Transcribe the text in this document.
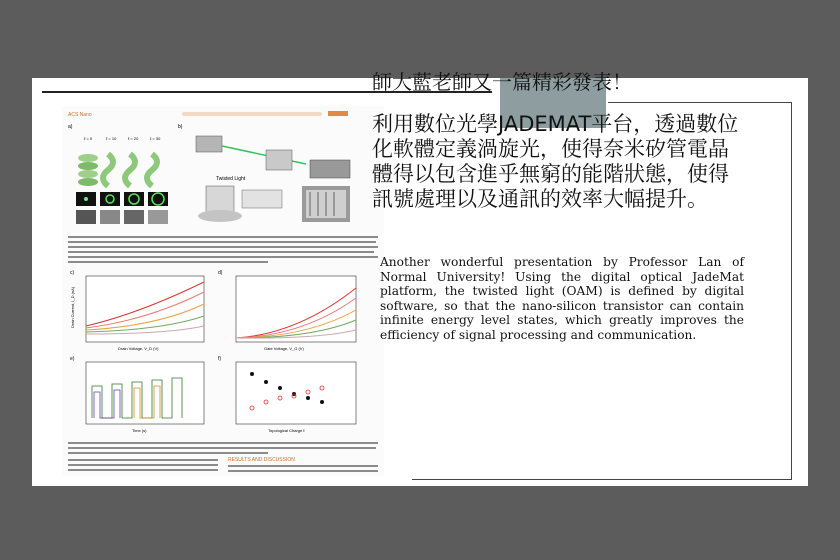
ACS Nano
a)
ℓ = 0	ℓ = 10	ℓ = 20	ℓ = 30
b)
Twisted Light
c)
Drain Voltage, V_D (V)
Drain Current, I_D (nA)
d)
Gate Voltage, V_G (V)
e)
Time (s)
f)
Topological Charge ℓ
RESULTS AND DISCUSSION
師大藍老師又一篇精彩發表！
利用數位光學JADEMAT平台，透過數位化軟體定義渦旋光，使得奈米矽管電晶體得以包含進乎無窮的能階狀態，使得訊號處理以及通訊的效率大幅提升。
Another wonderful presentation by Professor Lan of Normal University! Using the digital optical JadeMat platform, the twisted light (OAM) is defined by digital software, so that the nano-silicon transistor can contain infinite energy level states, which greatly improves the efficiency of signal processing and communication.
